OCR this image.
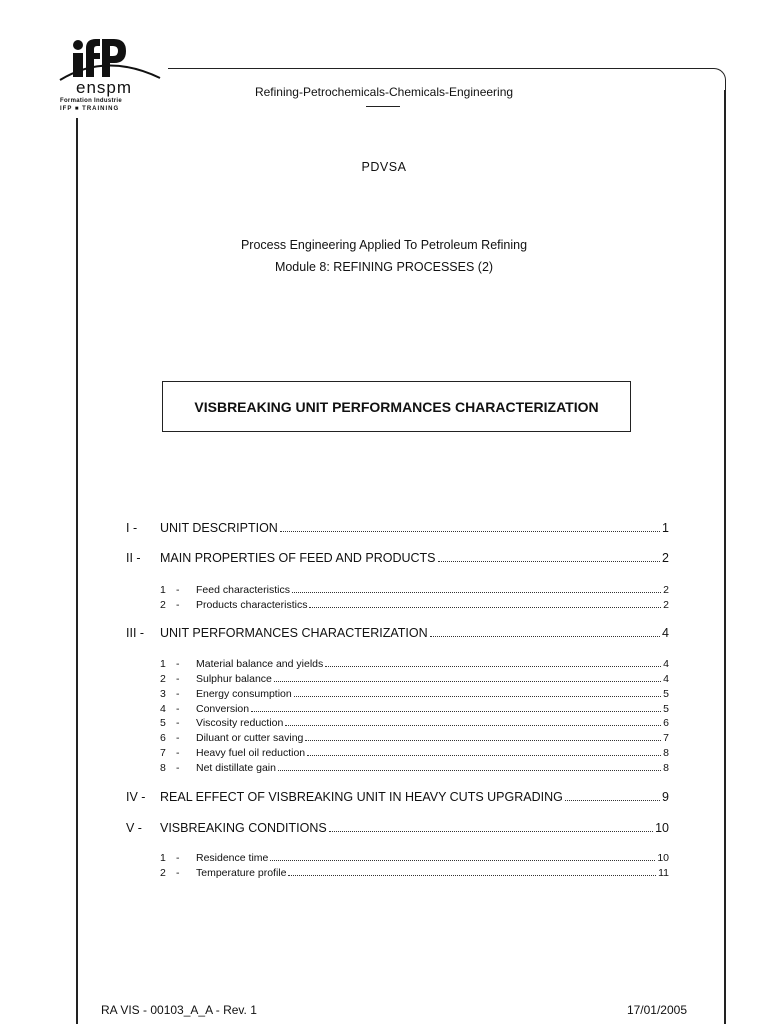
enspm
Formation Industrie
IFP ■ TRAINING
Refining-Petrochemicals-Chemicals-Engineering
PDVSA
Process Engineering Applied To Petroleum Refining
Module 8: REFINING PROCESSES (2)
VISBREAKING UNIT PERFORMANCES CHARACTERIZATION
I -	UNIT DESCRIPTION	1
II -	MAIN PROPERTIES OF FEED AND PRODUCTS	2
1 -	Feed characteristics	2
2 -	Products characteristics	2
III -	UNIT PERFORMANCES CHARACTERIZATION	4
1 -	Material balance and yields	4
2 -	Sulphur balance	4
3 -	Energy consumption	5
4 -	Conversion	5
5 -	Viscosity reduction	6
6 -	Diluant or cutter saving	7
7 -	Heavy fuel oil reduction	8
8 -	Net distillate gain	8
IV -	REAL EFFECT OF VISBREAKING UNIT IN HEAVY CUTS UPGRADING	9
V -	VISBREAKING CONDITIONS	10
1 -	Residence time	10
2 -	Temperature profile	11
RA VIS - 00103_A_A - Rev. 1	17/01/2005
